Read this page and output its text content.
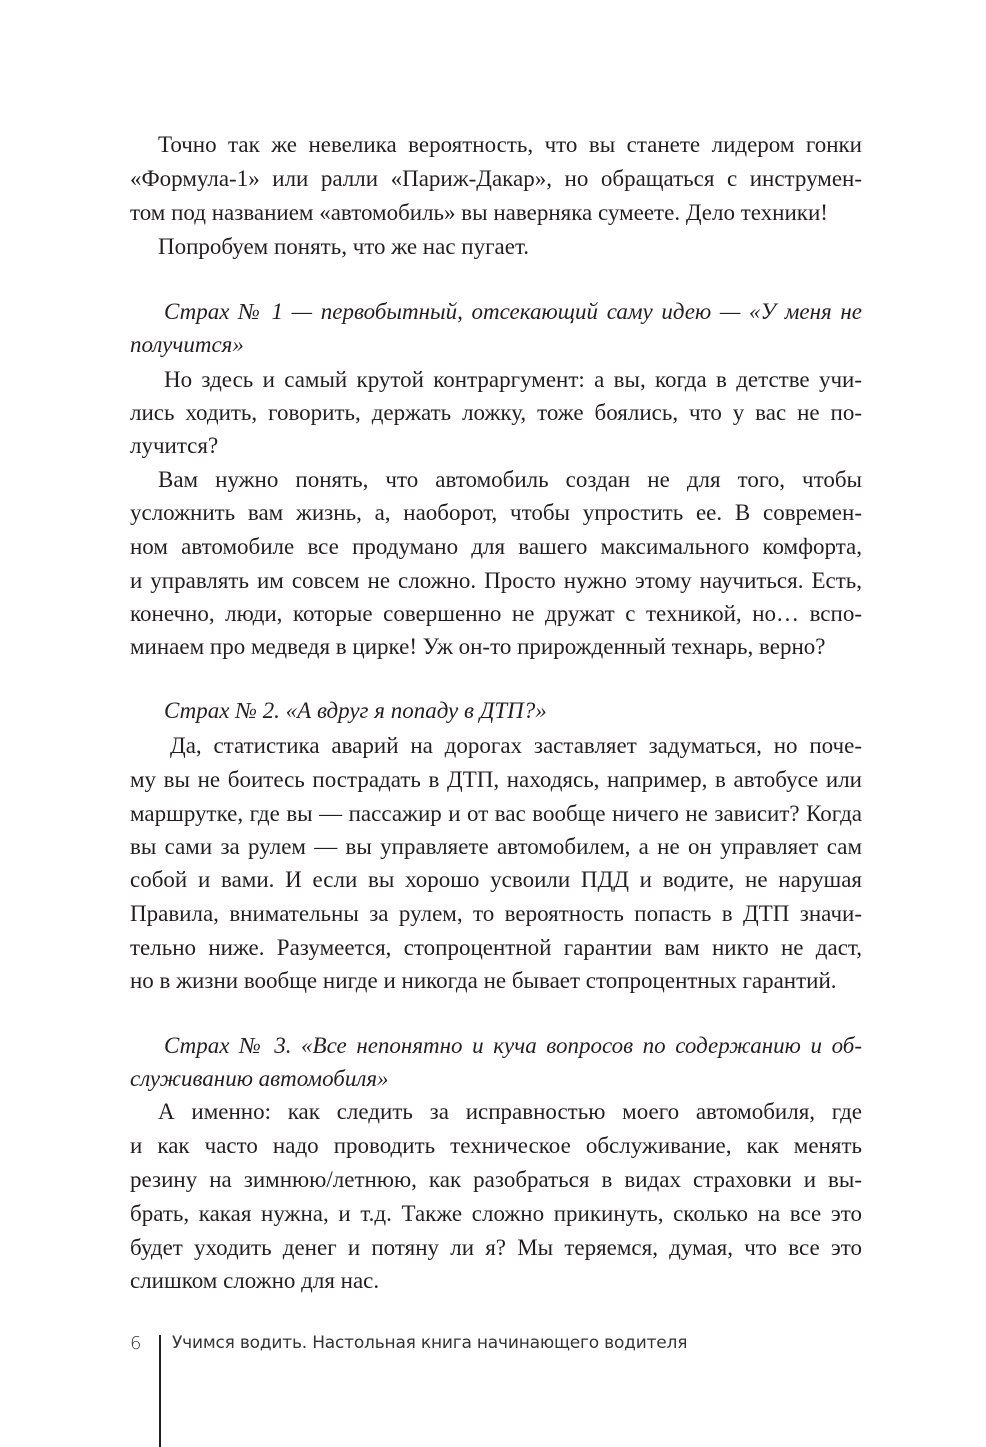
Точно так же невелика вероятность, что вы станете лидером гонки
«Формула-1» или ралли «Париж-Дакар», но обращаться с инструмен-
том под названием «автомобиль» вы наверняка сумеете. Дело техники!
Попробуем понять, что же нас пугает.
Страх № 1 — первобытный, отсекающий саму идею — «У меня не
получится»
Но здесь и самый крутой контраргумент: а вы, когда в детстве учи-
лись ходить, говорить, держать ложку, тоже боялись, что у вас не по-
лучится?
Вам нужно понять, что автомобиль создан не для того, чтобы
усложнить вам жизнь, а, наоборот, чтобы упростить ее. В современ-
ном автомобиле все продумано для вашего максимального комфорта,
и управлять им совсем не сложно. Просто нужно этому научиться. Есть,
конечно, люди, которые совершенно не дружат с техникой, но… вспо-
минаем про медведя в цирке! Уж он-то прирожденный технарь, верно?
Страх № 2. «А вдруг я попаду в ДТП?»
Да, статистика аварий на дорогах заставляет задуматься, но поче-
му вы не боитесь пострадать в ДТП, находясь, например, в автобусе или
маршрутке, где вы — пассажир и от вас вообще ничего не зависит? Когда
вы сами за рулем — вы управляете автомобилем, а не он управляет сам
собой и вами. И если вы хорошо усвоили ПДД и водите, не нарушая
Правила, внимательны за рулем, то вероятность попасть в ДТП значи-
тельно ниже. Разумеется, стопроцентной гарантии вам никто не даст,
но в жизни вообще нигде и никогда не бывает стопроцентных гарантий.
Страх № 3. «Все непонятно и куча вопросов по содержанию и об-
служиванию автомобиля»
А именно: как следить за исправностью моего автомобиля, где
и как часто надо проводить техническое обслуживание, как менять
резину на зимнюю/летнюю, как разобраться в видах страховки и вы-
брать, какая нужна, и т.д. Также сложно прикинуть, сколько на все это
будет уходить денег и потяну ли я? Мы теряемся, думая, что все это
слишком сложно для нас.
6 Учимся водить. Настольная книга начинающего водителя
